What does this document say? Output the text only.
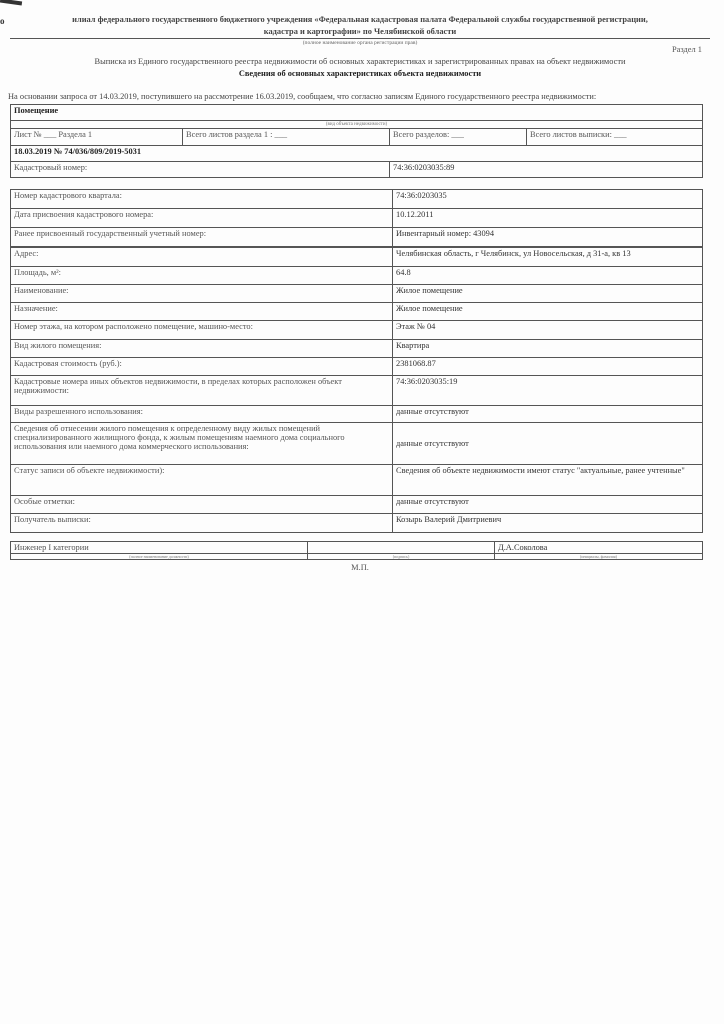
о	илиал федерального государственного бюджетного учреждения «Федеральная кадастровая палата Федеральной службы государственной регистрации,
кадастра и картографии» по Челябинской области
(полное наименование органа регистрации прав)
Раздел 1
Выписка из Единого государственного реестра недвижимости об основных характеристиках и зарегистрированных правах на объект недвижимости
Сведения об основных характеристиках объекта недвижимости
На основании запроса от 14.03.2019, поступившего на рассмотрение 16.03.2019, сообщаем, что согласно записям Единого государственного реестра недвижимости:
Помещение			
(вид объекта недвижимости)			
Лист № ___ Раздела 1	Всего листов раздела 1 : ___	Всего разделов: ___	Всего листов выписки: ___
18.03.2019 № 74/036/809/2019-5031			
Кадастровый номер:		74:36:0203035:89	
Номер кадастрового квартала:	74:36:0203035
Дата присвоения кадастрового номера:	10.12.2011
Ранее присвоенный государственный учетный номер:	Инвентарный номер: 43094
Адрес:	Челябинская область, г Челябинск, ул Новосельская, д 31-а, кв 13
Площадь, м²:	64.8
Наименование:	Жилое помещение
Назначение:	Жилое помещение
Номер этажа, на котором расположено помещение, машино-место:	Этаж № 04
Вид жилого помещения:	Квартира
Кадастровая стоимость (руб.):	2381068.87
Кадастровые номера иных объектов недвижимости, в пределах которых расположен объект недвижимости:	74:36:0203035:19
Виды разрешенного использования:	данные отсутствуют
Сведения об отнесении жилого помещения к определенному виду жилых помещений специализированного жилищного фонда, к жилым помещениям наемного дома социального использования или наемного дома коммерческого использования:	данные отсутствуют
Статус записи об объекте недвижимости):	Сведения об объекте недвижимости имеют статус "актуальные, ранее учтенные"
Особые отметки:	данные отсутствуют
Получатель выписки:	Козырь Валерий Дмитриевич
Инженер I категории		Д.А.Соколова
(полное наименование должности)	(подпись)	(инициалы, фамилия)
М.П.
